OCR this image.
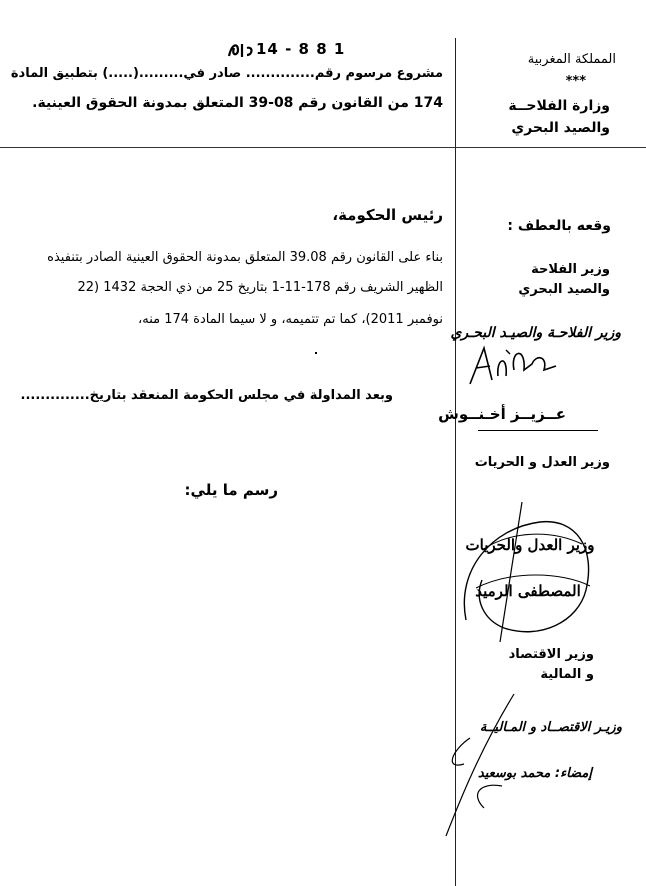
المملكة المغربية
***
وزارة الفلاحــة
والصيد البحري
14 - 8 8 1
مشروع مرسوم رقم.............. صادر في.........(.....) بتطبيق المادة
174 من القانون رقم 08-39 المتعلق بمدونة الحقوق العينية.
رئيس الحكومة،
بناء على القانون رقم 39.08 المتعلق بمدونة الحقوق العينية الصادر بتنفيذه
الظهير الشريف رقم 178-11-1 بتاريخ 25 من ذي الحجة 1432 (22
نوفمبر 2011)، كما تم تتميمه، و لا سيما المادة 174 منه،
وبعد المداولة في مجلس الحكومة المنعقد بتاريخ..............
رسم ما يلي:
وقعه بالعطف :
وزير الفلاحة
والصيد البحري
وزير الفلاحـة والصيـد البحـري
عــزيــز أخـنــوش
وزير العدل و الحريات
وزير العدل والحريات
المصطفى الرميد
وزير الاقتصاد
و المالية
وزيـر الاقتصــاد و المـاليــة
إمضاء: محمد بوسعيد
